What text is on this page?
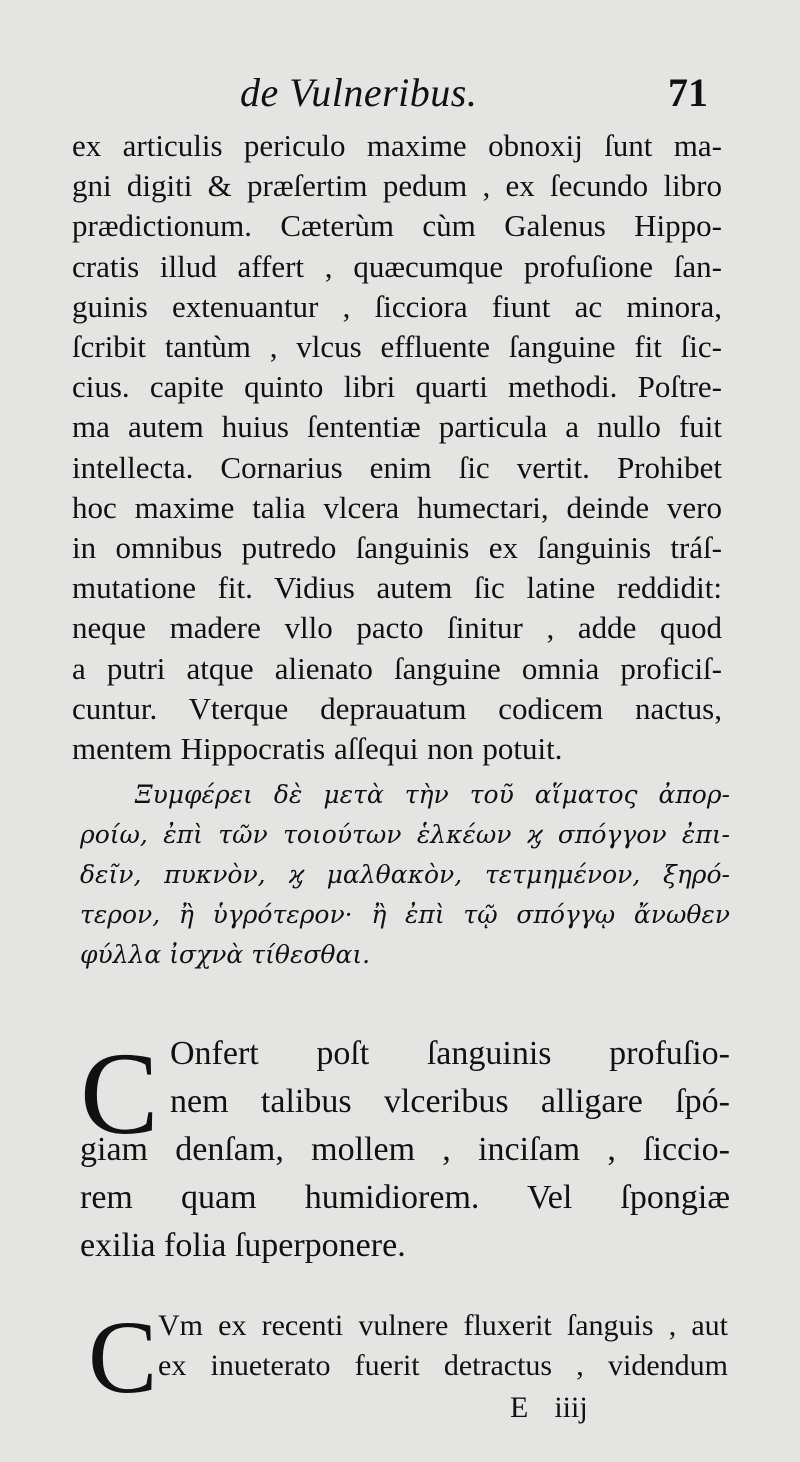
de Vulneribus.	71
ex articulis periculo maxime obnoxij ſunt ma-
gni digiti & præſertim pedum , ex ſecundo libro
prædictionum. Cæterùm cùm Galenus Hippo-
cratis illud affert , quæcumque profuſione ſan-
guinis extenuantur , ſicciora fiunt ac minora,
ſcribit tantùm , vlcus effluente ſanguine fit ſic-
cius. capite quinto libri quarti methodi. Poſtre-
ma autem huius ſententiæ particula a nullo fuit
intellecta. Cornarius enim ſic vertit. Prohibet
hoc maxime talia vlcera humectari, deinde vero
in omnibus putredo ſanguinis ex ſanguinis tráſ-
mutatione fit. Vidius autem ſic latine reddidit:
neque madere vllo pacto ſinitur , adde quod
a putri atque alienato ſanguine omnia proficiſ-
cuntur. Vterque deprauatum codicem nactus,
mentem Hippocratis aſſequi non potuit.
Ξυμφέρει δὲ μετὰ τὴν τοῦ αἵματος ἀπορ-
ροίω, ἐπὶ τῶν τοιούτων ἑλκέων ϗ σπόγγον ἐπι-
δεῖν, πυκνὸν, ϗ μαλθακὸν, τετμημένον, ξηρό-
τερον, ἢ ὑγρότερον· ἢ ἐπὶ τῷ σπόγγῳ ἄνωθεν
φύλλα ἰσχνὰ τίθεσθαι.
C Onfert poſt ſanguinis profuſio-
nem talibus vlceribus alligare ſpó-
giam denſam, mollem , inciſam , ſiccio-
rem quam humidiorem. Vel ſpongiæ
exilia folia ſuperponere.
C Vm ex recenti vulnere fluxerit ſanguis , aut
ex inueterato fuerit detractus , videndum
E iiij
